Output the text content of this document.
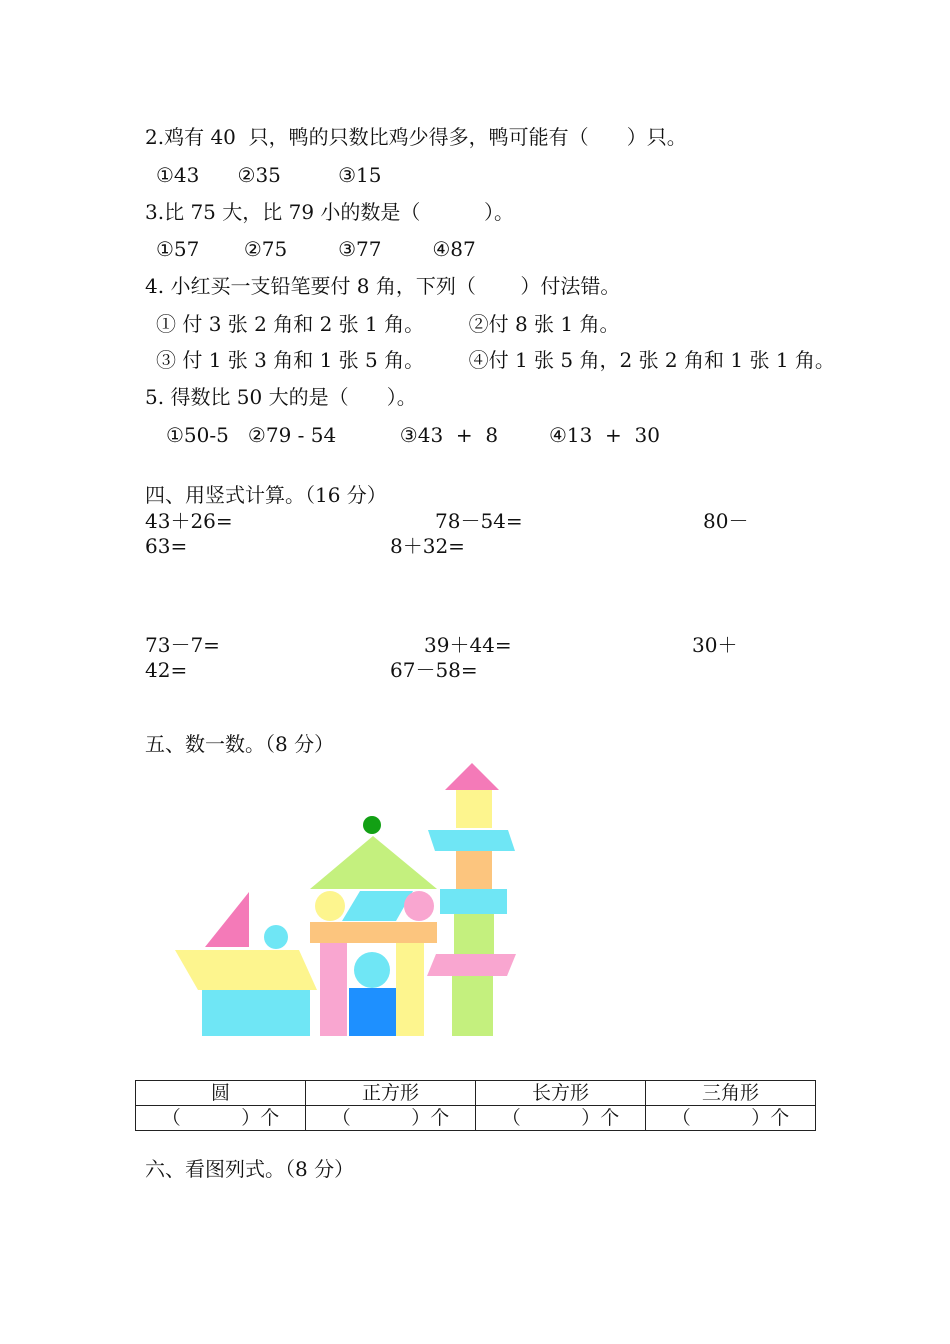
2.鸡有 40  只，鸭的只数比鸡少得多，鸭可能有（      ）只。
①43      ②35         ③15
3.比 75 大，比 79 小的数是（          ）。
①57       ②75        ③77        ④87
4. 小红买一支铅笔要付 8 角，下列（       ）付法错。
① 付 3 张 2 角和 2 张 1 角。       ②付 8 张 1 角。
③ 付 1 张 3 角和 1 张 5 角。       ④付 1 张 5 角，2 张 2 角和 1 张 1 角。
5. 得数比 50 大的是（      ）。
①50-5   ②79 - 54          ③43  +  8        ④13  +  30
四、用竖式计算。（16 分）
43＋26=	78－54=	80－
63=	8＋32=
73－7=	39＋44=	30＋
42=	67－58=
五、数一数。（8 分）
圆	正方形	长方形	三角形
（          ）个	（          ）个	（          ）个	（          ）个
六、看图列式。（8 分）
